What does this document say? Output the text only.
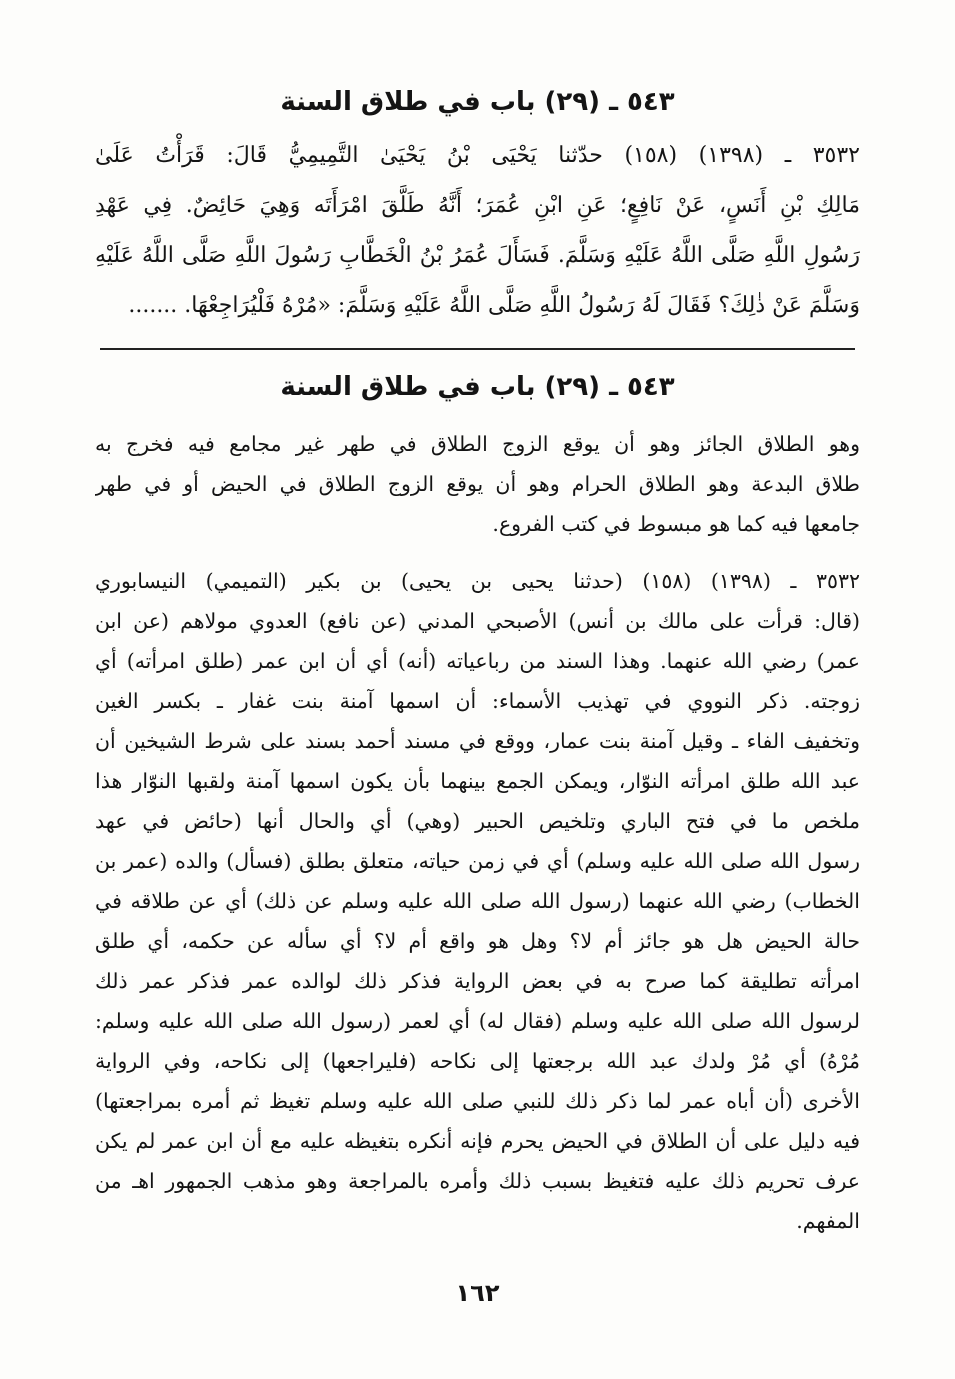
٥٤٣ ـ (٢٩) باب في طلاق السنة
٣٥٣٢ ـ (١٣٩٨) (١٥٨) حدّثنا يَحْيَى بْنُ يَحْيَىٰ التَّمِيمِيُّ قَالَ: قَرَأْتُ عَلَىٰ
مَالِكِ بْنِ أَنَسٍ، عَنْ نَافِعٍ؛ عَنِ ابْنِ عُمَرَ؛ أَنَّهُ طَلَّقَ امْرَأَتَه وَهِيَ حَائِضٌ. فِي عَهْدِ
رَسُولِ اللَّهِ صَلَّى اللَّهُ عَلَيْهِ وَسَلَّمَ. فَسَأَلَ عُمَرُ بْنُ الْخَطَّابِ رَسُولَ اللَّهِ صَلَّى اللَّهُ عَلَيْهِ
وَسَلَّمَ عَنْ ذٰلِكَ؟ فَقَالَ لَهُ رَسُولُ اللَّهِ صَلَّى اللَّهُ عَلَيْهِ وَسَلَّمَ: «مُرْهُ فَلْيُرَاجِعْهَا. .......
٥٤٣ ـ (٢٩) باب في طلاق السنة
وهو الطلاق الجائز وهو أن يوقع الزوج الطلاق في طهر غير مجامع فيه فخرج به
طلاق البدعة وهو الطلاق الحرام وهو أن يوقع الزوج الطلاق في الحيض أو في طهر
جامعها فيه كما هو مبسوط في كتب الفروع.
٣٥٣٢ ـ (١٣٩٨) (١٥٨) (حدثنا يحيى بن يحيى) بن بكير (التميمي) النيسابوري
(قال: قرأت على مالك بن أنس) الأصبحي المدني (عن نافع) العدوي مولاهم (عن ابن
عمر) رضي الله عنهما. وهذا السند من رباعياته (أنه) أي أن ابن عمر (طلق امرأته) أي
زوجته. ذكر النووي في تهذيب الأسماء: أن اسمها آمنة بنت غفار ـ بكسر الغين
وتخفيف الفاء ـ وقيل آمنة بنت عمار، ووقع في مسند أحمد بسند على شرط الشيخين أن
عبد الله طلق امرأته النوّار، ويمكن الجمع بينهما بأن يكون اسمها آمنة ولقبها النوّار هذا
ملخص ما في فتح الباري وتلخيص الحبير (وهي) أي والحال أنها (حائض في عهد
رسول الله صلى الله عليه وسلم) أي في زمن حياته، متعلق بطلق (فسأل) والده (عمر بن
الخطاب) رضي الله عنهما (رسول الله صلى الله عليه وسلم عن ذلك) أي عن طلاقه في
حالة الحيض هل هو جائز أم لا؟ وهل هو واقع أم لا؟ أي سأله عن حكمه، أي طلق
امرأته تطليقة كما صرح به في بعض الرواية فذكر ذلك لوالده عمر فذكر عمر ذلك
لرسول الله صلى الله عليه وسلم (فقال له) أي لعمر (رسول الله صلى الله عليه وسلم:
مُرْهُ) أي مُرْ ولدك عبد الله برجعتها إلى نكاحه (فليراجعها) إلى نكاحه، وفي الرواية
الأخرى (أن أباه عمر لما ذكر ذلك للنبي صلى الله عليه وسلم تغيظ ثم أمره بمراجعتها)
فيه دليل على أن الطلاق في الحيض يحرم فإنه أنكره بتغيظه عليه مع أن ابن عمر لم يكن
عرف تحريم ذلك عليه فتغيظ بسبب ذلك وأمره بالمراجعة وهو مذهب الجمهور اهـ من
المفهم.
١٦٢
